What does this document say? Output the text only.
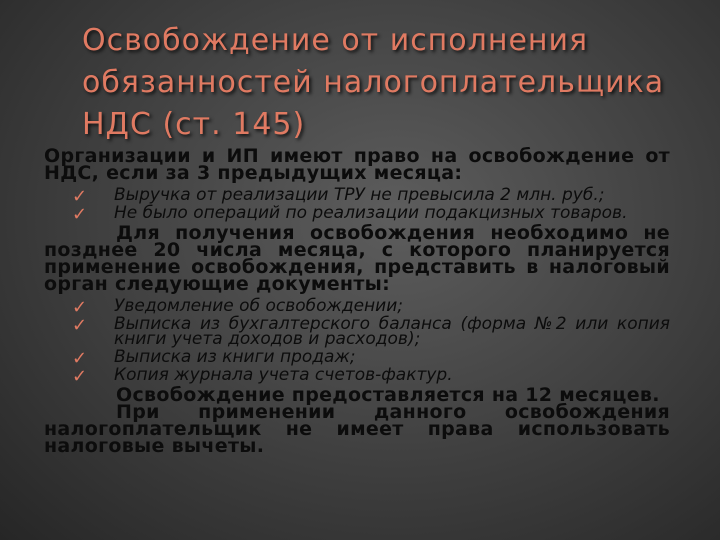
Освобождение от исполнения
обязанностей налогоплательщика
НДС (ст. 145)

Организации и ИП имеют право на освобождение от НДС, если за 3 предыдущих месяца:

✓ Выручка от реализации ТРУ не превысила 2 млн. руб.;
✓ Не было операций по реализации подакцизных товаров.

Для получения освобождения необходимо не позднее 20 числа месяца, с которого планируется применение освобождения, представить в налоговый орган следующие документы:

✓ Уведомление об освобождении;
✓ Выписка из бухгалтерского баланса (форма №2 или копия книги учета доходов и расходов);
✓ Выписка из книги продаж;
✓ Копия журнала учета счетов-фактур.

Освобождение предоставляется на 12 месяцев.

При применении данного освобождения налогоплательщик не имеет права использовать налоговые вычеты.
